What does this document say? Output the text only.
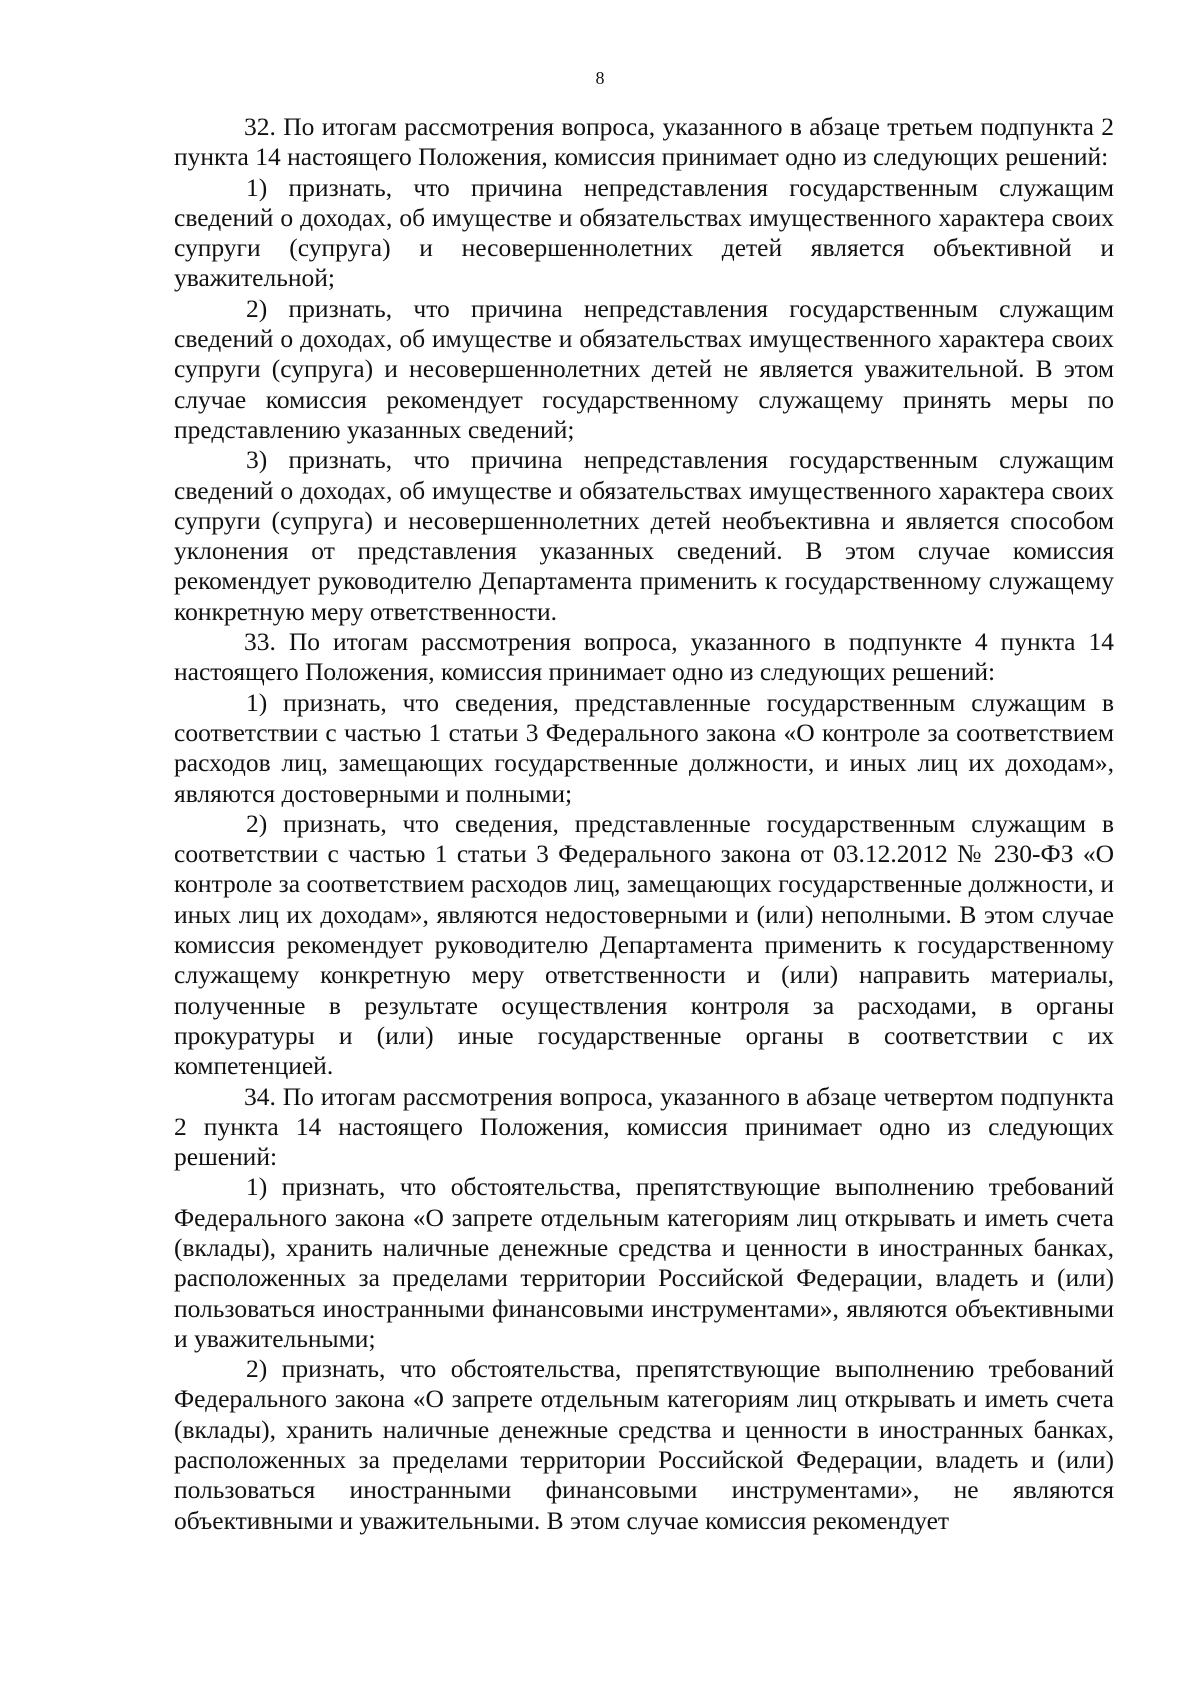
8

32. По итогам рассмотрения вопроса, указанного в абзаце третьем подпункта 2 пункта 14 настоящего Положения, комиссия принимает одно из следующих решений:

1) признать, что причина непредставления государственным служащим сведений о доходах, об имуществе и обязательствах имущественного характера своих супруги (супруга) и несовершеннолетних детей является объективной и уважительной;

2) признать, что причина непредставления государственным служащим сведений о доходах, об имуществе и обязательствах имущественного характера своих супруги (супруга) и несовершеннолетних детей не является уважительной. В этом случае комиссия рекомендует государственному служащему принять меры по представлению указанных сведений;

3) признать, что причина непредставления государственным служащим сведений о доходах, об имуществе и обязательствах имущественного характера своих супруги (супруга) и несовершеннолетних детей необъективна и является способом уклонения от представления указанных сведений. В этом случае комиссия рекомендует руководителю Департамента применить к государственному служащему конкретную меру ответственности.

33. По итогам рассмотрения вопроса, указанного в подпункте 4 пункта 14 настоящего Положения, комиссия принимает одно из следующих решений:

1) признать, что сведения, представленные государственным служащим в соответствии с частью 1 статьи 3 Федерального закона «О контроле за соответствием расходов лиц, замещающих государственные должности, и иных лиц их доходам», являются достоверными и полными;

2) признать, что сведения, представленные государственным служащим в соответствии с частью 1 статьи 3 Федерального закона от 03.12.2012 № 230-ФЗ «О контроле за соответствием расходов лиц, замещающих государственные должности, и иных лиц их доходам», являются недостоверными и (или) неполными. В этом случае комиссия рекомендует руководителю Департамента применить к государственному служащему конкретную меру ответственности и (или) направить материалы, полученные в результате осуществления контроля за расходами, в органы прокуратуры и (или) иные государственные органы в соответствии с их компетенцией.

34. По итогам рассмотрения вопроса, указанного в абзаце четвертом подпункта 2 пункта 14 настоящего Положения, комиссия принимает одно из следующих решений:

1) признать, что обстоятельства, препятствующие выполнению требований Федерального закона «О запрете отдельным категориям лиц открывать и иметь счета (вклады), хранить наличные денежные средства и ценности в иностранных банках, расположенных за пределами территории Российской Федерации, владеть и (или) пользоваться иностранными финансовыми инструментами», являются объективными и уважительными;

2) признать, что обстоятельства, препятствующие выполнению требований Федерального закона «О запрете отдельным категориям лиц открывать и иметь счета (вклады), хранить наличные денежные средства и ценности в иностранных банках, расположенных за пределами территории Российской Федерации, владеть и (или) пользоваться иностранными финансовыми инструментами», не являются объективными и уважительными. В этом случае комиссия рекомендует
